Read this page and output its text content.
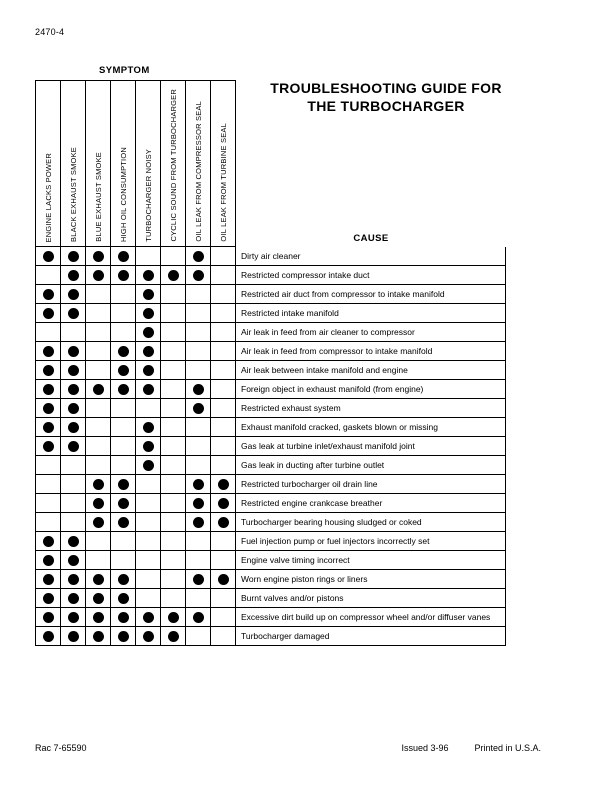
2470-4
SYMPTOM
TROUBLESHOOTING GUIDE FOR
THE TURBOCHARGER
CAUSE
ENGINE LACKS POWER BLACK EXHAUST SMOKE BLUE EXHAUST SMOKE HIGH OIL CONSUMPTION TURBOCHARGER NOISY CYCLIC SOUND FROM TURBOCHARGER OIL LEAK FROM COMPRESSOR SEAL OIL LEAK FROM TURBINE SEAL
Dirty air cleaner
Restricted compressor intake duct
Restricted air duct from compressor to intake manifold
Restricted intake manifold
Air leak in feed from air cleaner to compressor
Air leak in feed from compressor to intake manifold
Air leak between intake manifold and engine
Foreign object in exhaust manifold (from engine)
Restricted exhaust system
Exhaust manifold cracked, gaskets blown or missing
Gas leak at turbine inlet/exhaust manifold joint
Gas leak in ducting after turbine outlet
Restricted turbocharger oil drain line
Restricted engine crankcase breather
Turbocharger bearing housing sludged or coked
Fuel injection pump or fuel injectors incorrectly set
Engine valve timing incorrect
Worn engine piston rings or liners
Burnt valves and/or pistons
Excessive dirt build up on compressor wheel and/or diffuser vanes
Turbocharger damaged
Rac 7-65590	Issued 3-96	Printed in U.S.A.
